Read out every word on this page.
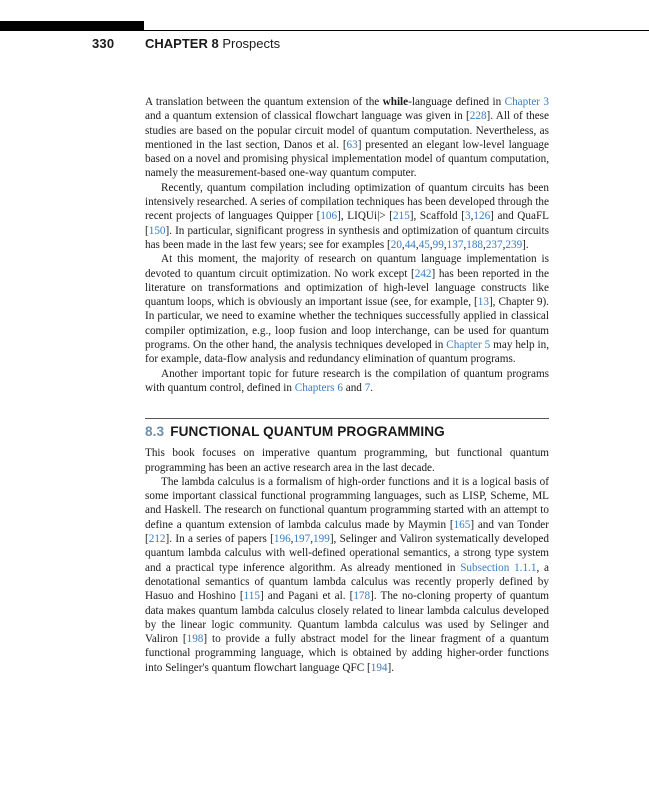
330 CHAPTER 8 Prospects

A translation between the quantum extension of the while-language defined in Chapter 3 and a quantum extension of classical flowchart language was given in [228]. All of these studies are based on the popular circuit model of quantum computation. Nevertheless, as mentioned in the last section, Danos et al. [63] presented an elegant low-level language based on a novel and promising physical implementation model of quantum computation, namely the measurement-based one-way quantum computer.

Recently, quantum compilation including optimization of quantum circuits has been intensively researched. A series of compilation techniques has been developed through the recent projects of languages Quipper [106], LIQUi|> [215], Scaffold [3,126] and QuaFL [150]. In particular, significant progress in synthesis and optimization of quantum circuits has been made in the last few years; see for examples [20,44,45,99,137,188,237,239].

At this moment, the majority of research on quantum language implementation is devoted to quantum circuit optimization. No work except [242] has been reported in the literature on transformations and optimization of high-level language constructs like quantum loops, which is obviously an important issue (see, for example, [13], Chapter 9). In particular, we need to examine whether the techniques successfully applied in classical compiler optimization, e.g., loop fusion and loop interchange, can be used for quantum programs. On the other hand, the analysis techniques developed in Chapter 5 may help in, for example, data-flow analysis and redundancy elimination of quantum programs.

Another important topic for future research is the compilation of quantum programs with quantum control, defined in Chapters 6 and 7.

8.3 FUNCTIONAL QUANTUM PROGRAMMING

This book focuses on imperative quantum programming, but functional quantum programming has been an active research area in the last decade.

The lambda calculus is a formalism of high-order functions and it is a logical basis of some important classical functional programming languages, such as LISP, Scheme, ML and Haskell. The research on functional quantum programming started with an attempt to define a quantum extension of lambda calculus made by Maymin [165] and van Tonder [212]. In a series of papers [196,197,199], Selinger and Valiron systematically developed quantum lambda calculus with well-defined operational semantics, a strong type system and a practical type inference algorithm. As already mentioned in Subsection 1.1.1, a denotational semantics of quantum lambda calculus was recently properly defined by Hasuo and Hoshino [115] and Pagani et al. [178]. The no-cloning property of quantum data makes quantum lambda calculus closely related to linear lambda calculus developed by the linear logic community. Quantum lambda calculus was used by Selinger and Valiron [198] to provide a fully abstract model for the linear fragment of a quantum functional programming language, which is obtained by adding higher-order functions into Selinger's quantum flowchart language QFC [194].
